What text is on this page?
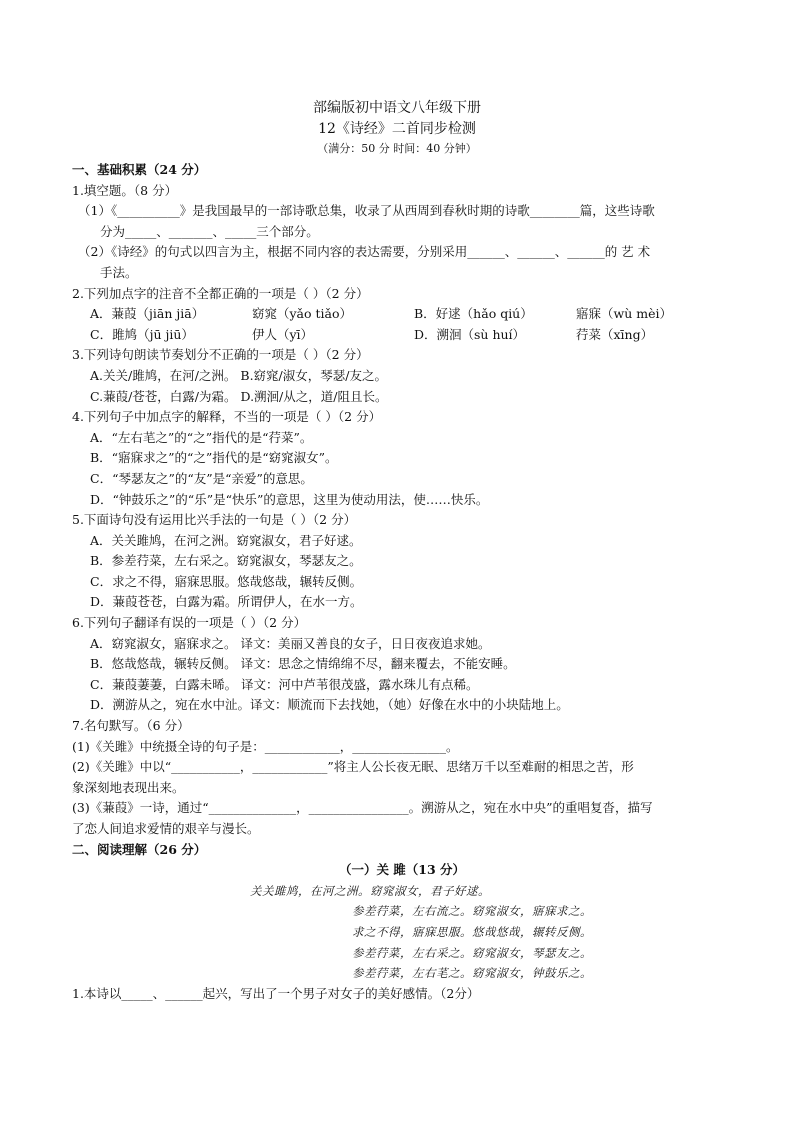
部编版初中语文八年级下册
12《诗经》二首同步检测
（满分：50 分 时间：40 分钟）
一、基础积累（24 分）
1.填空题。（8 分）
（1）《__________》是我国最早的一部诗歌总集，收录了从西周到春秋时期的诗歌________篇，这些诗歌
分为_____、_______、_____三个部分。
（2）《诗经》的句式以四言为主，根据不同内容的表达需要，分别采用______、______、______的 艺 术
手法。
2.下列加点字的注音不全都正确的一项是（ ）（2 分）
A．蒹葭（jiān jiā）	窈窕（yǎo tiǎo）	B．好逑（hǎo qiú）	寤寐（wù mèi）
C．雎鸠（jū jiū）	伊人（yī）	D．溯洄（sù huí）	荇菜（xīng）
3.下列诗句朗读节奏划分不正确的一项是（ ）（2 分）
A.关关/雎鸠，在河/之洲。 B.窈窕/淑女，琴瑟/友之。
C.蒹葭/苍苍，白露/为霜。 D.溯洄/从之，道/阻且长。
4.下列句子中加点字的解释，不当的一项是（ ）（2 分）
A．“左右芼之”的“之”指代的是“荇菜”。
B．“寤寐求之”的“之”指代的是“窈窕淑女”。
C．“琴瑟友之”的“友”是“亲爱”的意思。
D．“钟鼓乐之”的“乐”是“快乐”的意思，这里为使动用法，使……快乐。
5.下面诗句没有运用比兴手法的一句是（ ）（2 分）
A．关关雎鸠，在河之洲。窈窕淑女，君子好逑。
B．参差荇菜，左右采之。窈窕淑女，琴瑟友之。
C．求之不得，寤寐思服。悠哉悠哉，辗转反侧。
D．蒹葭苍苍，白露为霜。所谓伊人，在水一方。
6.下列句子翻译有误的一项是（ ）（2 分）
A．窈窕淑女，寤寐求之。 译文：美丽又善良的女子，日日夜夜追求她。
B．悠哉悠哉，辗转反侧。 译文：思念之情绵绵不尽，翻来覆去，不能安睡。
C．蒹葭萋萋，白露未晞。 译文：河中芦苇很茂盛，露水珠儿有点稀。
D．溯游从之，宛在水中沚。译文：顺流而下去找她，（她）好像在水中的小块陆地上。
7.名句默写。（6 分）
(1)《关雎》中统摄全诗的句子是：____________，_______________。
(2)《关雎》中以“___________，____________”将主人公长夜无眠、思绪万千以至难耐的相思之苦，形
象深刻地表现出来。
(3)《蒹葭》一诗，通过“______________，________________。溯游从之，宛在水中央”的重唱复沓，描写
了恋人间追求爱情的艰辛与漫长。
二、阅读理解（26 分）
（一）关 雎（13 分）
关关雎鸠，在河之洲。窈窕淑女，君子好逑。
参差荇菜，左右流之。窈窕淑女，寤寐求之。
求之不得，寤寐思服。悠哉悠哉，辗转反侧。
参差荇菜，左右采之。窈窕淑女，琴瑟友之。
参差荇菜，左右芼之。窈窕淑女，钟鼓乐之。
1.本诗以_____、______起兴，写出了一个男子对女子的美好感情。（2分）
